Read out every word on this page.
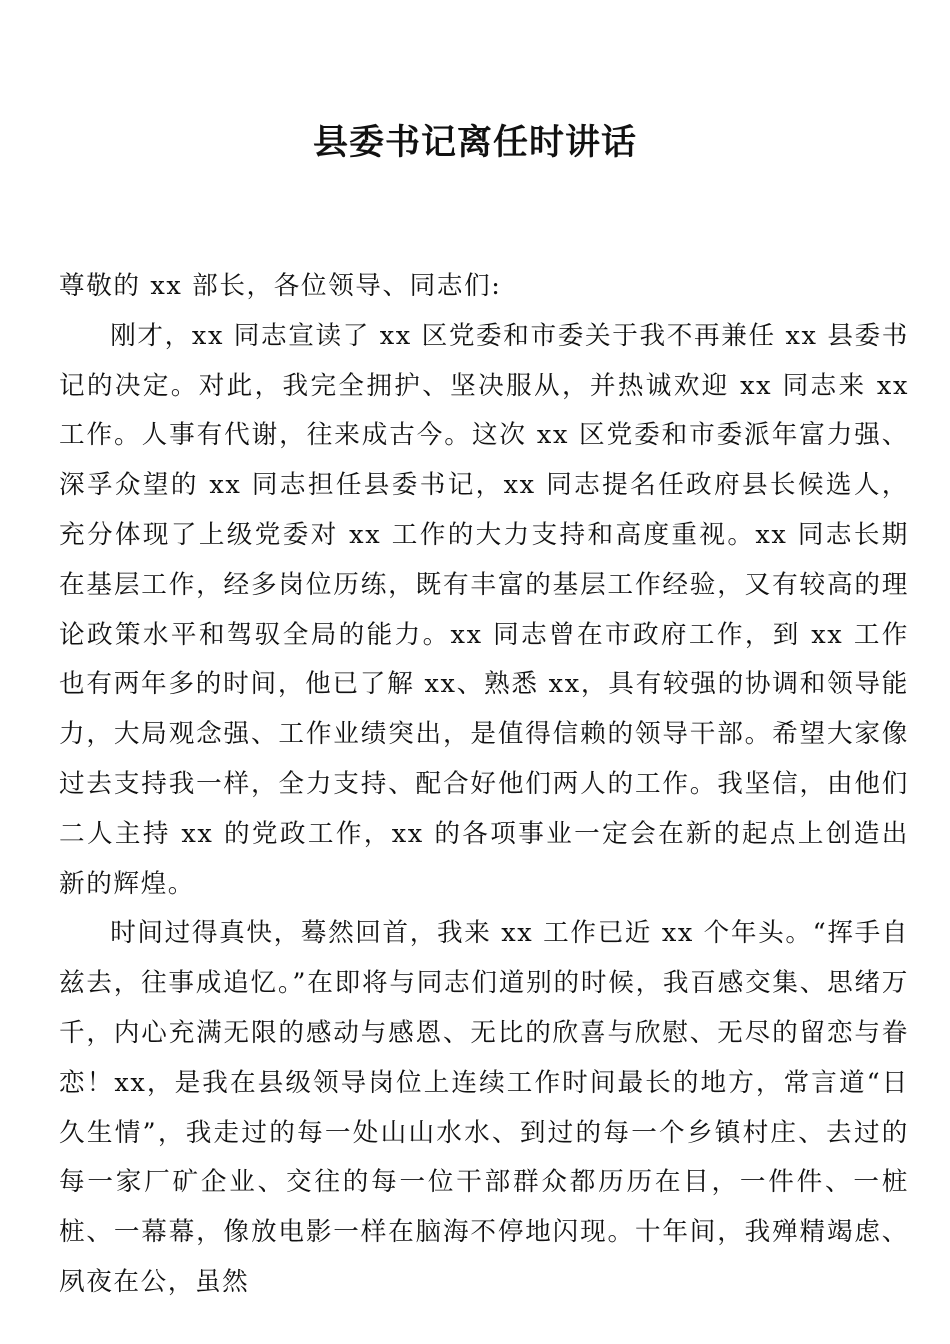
县委书记离任时讲话

尊敬的 xx 部长，各位领导、同志们:

刚才，xx 同志宣读了 xx 区党委和市委关于我不再兼任 xx 县委书记的决定。对此，我完全拥护、坚决服从，并热诚欢迎 xx 同志来 xx 工作。人事有代谢，往来成古今。这次 xx 区党委和市委派年富力强、深孚众望的 xx 同志担任县委书记，xx 同志提名任政府县长候选人，充分体现了上级党委对 xx 工作的大力支持和高度重视。xx 同志长期在基层工作，经多岗位历练，既有丰富的基层工作经验，又有较高的理论政策水平和驾驭全局的能力。xx 同志曾在市政府工作，到 xx 工作也有两年多的时间，他已了解 xx、熟悉 xx，具有较强的协调和领导能力，大局观念强、工作业绩突出，是值得信赖的领导干部。希望大家像过去支持我一样，全力支持、配合好他们两人的工作。我坚信，由他们二人主持 xx 的党政工作，xx 的各项事业一定会在新的起点上创造出新的辉煌。

时间过得真快，蓦然回首，我来 xx 工作已近 xx 个年头。“挥手自兹去，往事成追忆。”在即将与同志们道别的时候，我百感交集、思绪万千，内心充满无限的感动与感恩、无比的欣喜与欣慰、无尽的留恋与眷恋！xx，是我在县级领导岗位上连续工作时间最长的地方，常言道“日久生情”，我走过的每一处山山水水、到过的每一个乡镇村庄、去过的每一家厂矿企业、交往的每一位干部群众都历历在目，一件件、一桩桩、一幕幕，像放电影一样在脑海不停地闪现。十年间，我殚精竭虑、夙夜在公，虽然
